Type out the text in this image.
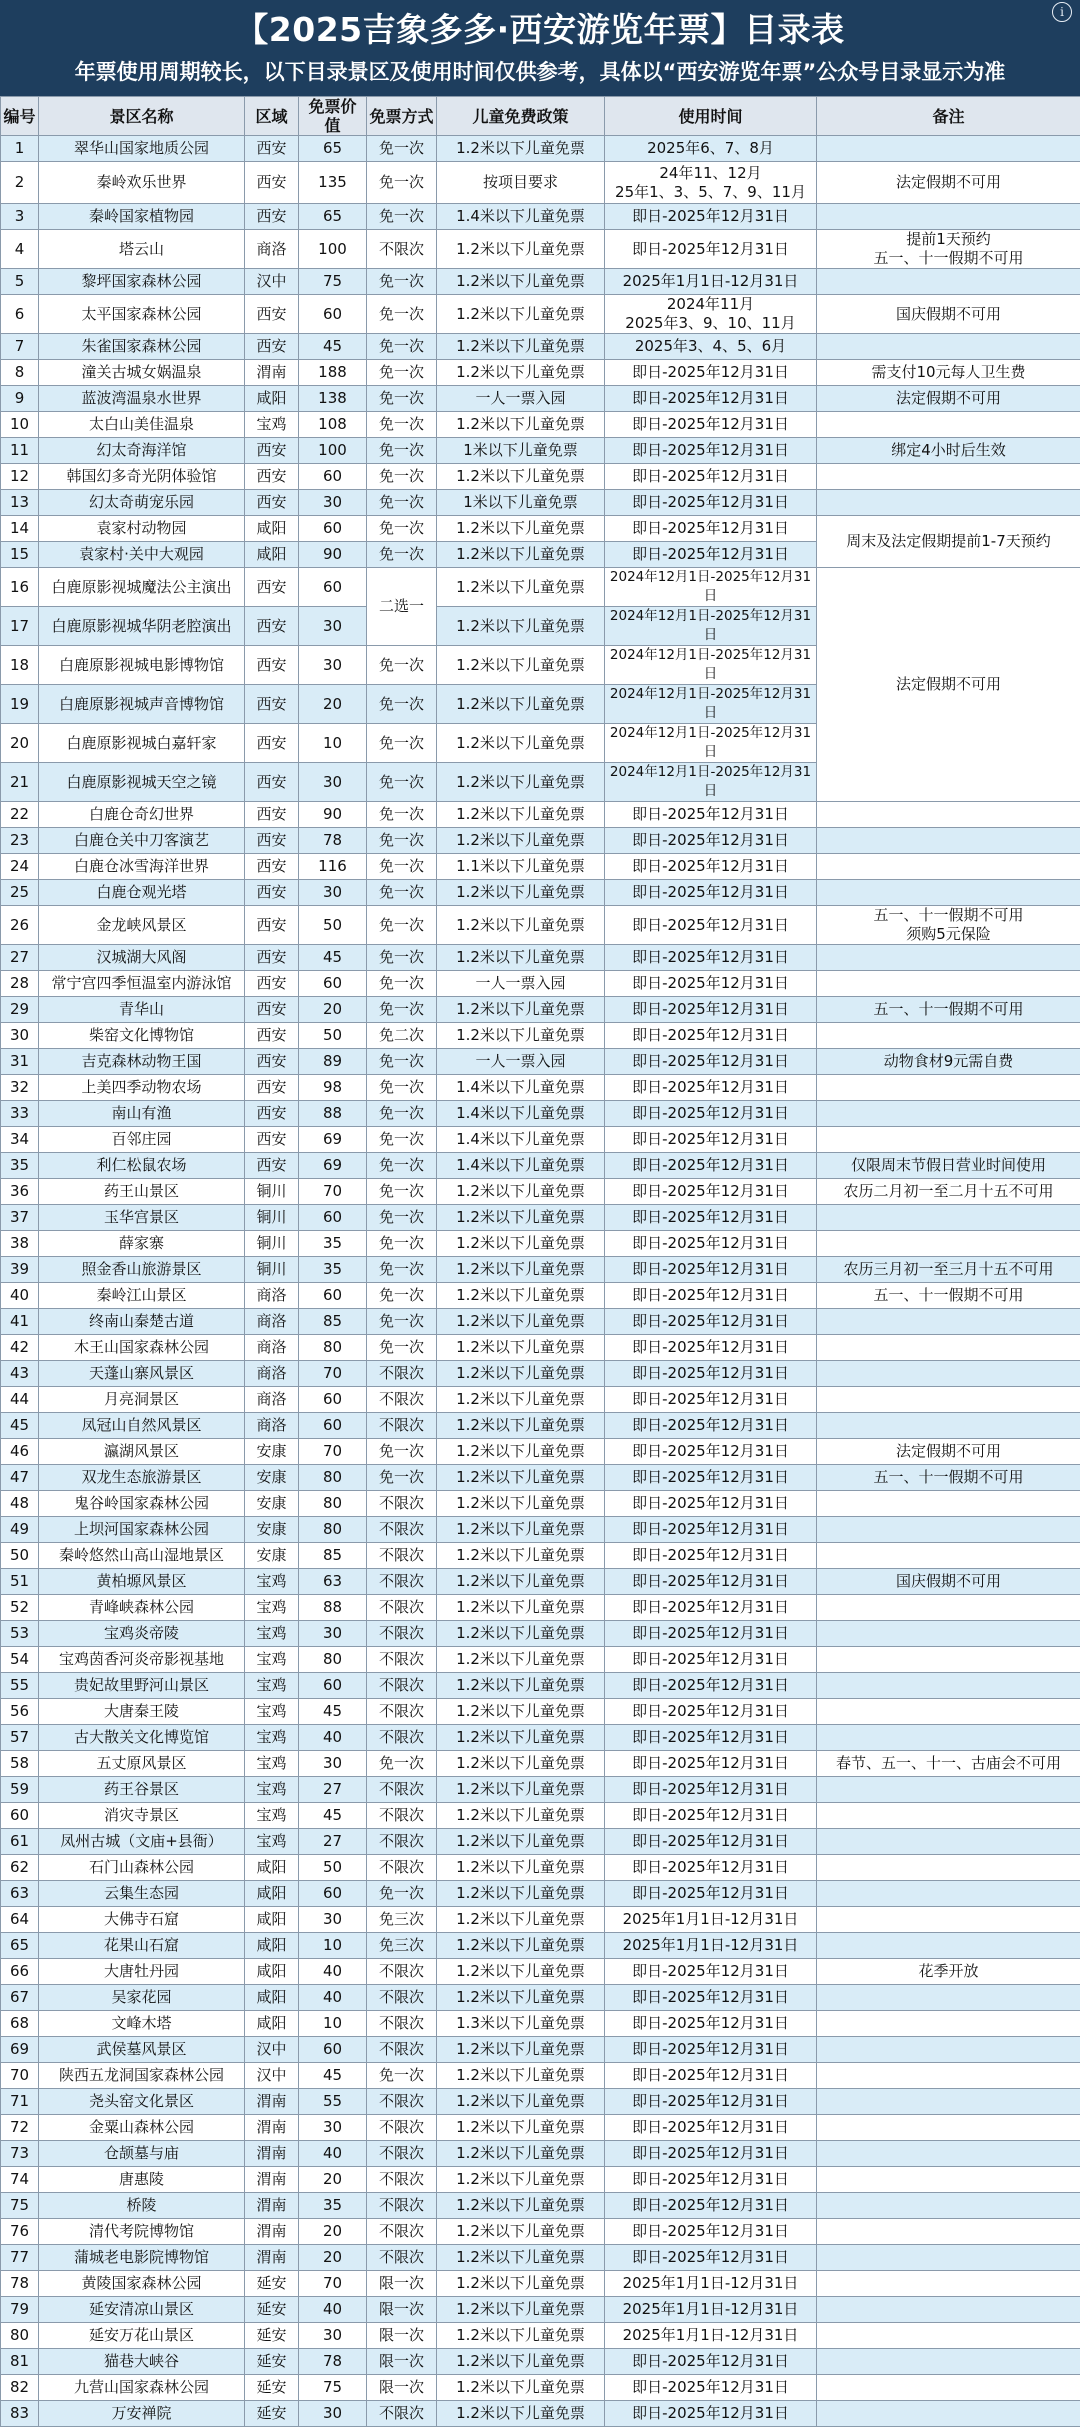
【2025吉象多多·西安游览年票】目录表
年票使用周期较长，以下目录景区及使用时间仅供参考，具体以“西安游览年票”公众号目录显示为准
i
编号	景区名称	区域	免票价值	免票方式	儿童免费政策	使用时间	备注
1	翠华山国家地质公园	西安	65	免一次	1.2米以下儿童免票	2025年6、7、8月	
2	秦岭欢乐世界	西安	135	免一次	按项目要求	24年11、12月
25年1、3、5、7、9、11月	法定假期不可用
3	秦岭国家植物园	西安	65	免一次	1.4米以下儿童免票	即日-2025年12月31日	
4	塔云山	商洛	100	不限次	1.2米以下儿童免票	即日-2025年12月31日	提前1天预约
五一、十一假期不可用
5	黎坪国家森林公园	汉中	75	免一次	1.2米以下儿童免票	2025年1月1日-12月31日	
6	太平国家森林公园	西安	60	免一次	1.2米以下儿童免票	2024年11月
2025年3、9、10、11月	国庆假期不可用
7	朱雀国家森林公园	西安	45	免一次	1.2米以下儿童免票	2025年3、4、5、6月	
8	潼关古城女娲温泉	渭南	188	免一次	1.2米以下儿童免票	即日-2025年12月31日	需支付10元每人卫生费
9	蓝波湾温泉水世界	咸阳	138	免一次	一人一票入园	即日-2025年12月31日	法定假期不可用
10	太白山美佳温泉	宝鸡	108	免一次	1.2米以下儿童免票	即日-2025年12月31日	
11	幻太奇海洋馆	西安	100	免一次	1米以下儿童免票	即日-2025年12月31日	绑定4小时后生效
12	韩国幻多奇光阴体验馆	西安	60	免一次	1.2米以下儿童免票	即日-2025年12月31日	
13	幻太奇萌宠乐园	西安	30	免一次	1米以下儿童免票	即日-2025年12月31日	
14	袁家村动物园	咸阳	60	免一次	1.2米以下儿童免票	即日-2025年12月31日	周末及法定假期提前1-7天预约
15	袁家村·关中大观园	咸阳	90	免一次	1.2米以下儿童免票	即日-2025年12月31日	
16	白鹿原影视城魔法公主演出	西安	60	二选一	1.2米以下儿童免票	2024年12月1日-2025年12月31日	法定假期不可用
17	白鹿原影视城华阴老腔演出	西安	30		1.2米以下儿童免票	2024年12月1日-2025年12月31日	
18	白鹿原影视城电影博物馆	西安	30	免一次	1.2米以下儿童免票	2024年12月1日-2025年12月31日	
19	白鹿原影视城声音博物馆	西安	20	免一次	1.2米以下儿童免票	2024年12月1日-2025年12月31日	
20	白鹿原影视城白嘉轩家	西安	10	免一次	1.2米以下儿童免票	2024年12月1日-2025年12月31日	
21	白鹿原影视城天空之镜	西安	30	免一次	1.2米以下儿童免票	2024年12月1日-2025年12月31日	
22	白鹿仓奇幻世界	西安	90	免一次	1.2米以下儿童免票	即日-2025年12月31日	
23	白鹿仓关中刀客演艺	西安	78	免一次	1.2米以下儿童免票	即日-2025年12月31日	
24	白鹿仓冰雪海洋世界	西安	116	免一次	1.1米以下儿童免票	即日-2025年12月31日	
25	白鹿仓观光塔	西安	30	免一次	1.2米以下儿童免票	即日-2025年12月31日	
26	金龙峡风景区	西安	50	免一次	1.2米以下儿童免票	即日-2025年12月31日	五一、十一假期不可用
须购5元保险
27	汉城湖大风阁	西安	45	免一次	1.2米以下儿童免票	即日-2025年12月31日	
28	常宁宫四季恒温室内游泳馆	西安	60	免一次	一人一票入园	即日-2025年12月31日	
29	青华山	西安	20	免一次	1.2米以下儿童免票	即日-2025年12月31日	五一、十一假期不可用
30	柴窑文化博物馆	西安	50	免二次	1.2米以下儿童免票	即日-2025年12月31日	
31	吉克森林动物王国	西安	89	免一次	一人一票入园	即日-2025年12月31日	动物食材9元需自费
32	上美四季动物农场	西安	98	免一次	1.4米以下儿童免票	即日-2025年12月31日	
33	南山有渔	西安	88	免一次	1.4米以下儿童免票	即日-2025年12月31日	
34	百邻庄园	西安	69	免一次	1.4米以下儿童免票	即日-2025年12月31日	
35	利仁松鼠农场	西安	69	免一次	1.4米以下儿童免票	即日-2025年12月31日	仅限周末节假日营业时间使用
36	药王山景区	铜川	70	免一次	1.2米以下儿童免票	即日-2025年12月31日	农历二月初一至二月十五不可用
37	玉华宫景区	铜川	60	免一次	1.2米以下儿童免票	即日-2025年12月31日	
38	薛家寨	铜川	35	免一次	1.2米以下儿童免票	即日-2025年12月31日	
39	照金香山旅游景区	铜川	35	免一次	1.2米以下儿童免票	即日-2025年12月31日	农历三月初一至三月十五不可用
40	秦岭江山景区	商洛	60	免一次	1.2米以下儿童免票	即日-2025年12月31日	五一、十一假期不可用
41	终南山秦楚古道	商洛	85	免一次	1.2米以下儿童免票	即日-2025年12月31日	
42	木王山国家森林公园	商洛	80	免一次	1.2米以下儿童免票	即日-2025年12月31日	
43	天蓬山寨风景区	商洛	70	不限次	1.2米以下儿童免票	即日-2025年12月31日	
44	月亮洞景区	商洛	60	不限次	1.2米以下儿童免票	即日-2025年12月31日	
45	凤冠山自然风景区	商洛	60	不限次	1.2米以下儿童免票	即日-2025年12月31日	
46	瀛湖风景区	安康	70	免一次	1.2米以下儿童免票	即日-2025年12月31日	法定假期不可用
47	双龙生态旅游景区	安康	80	免一次	1.2米以下儿童免票	即日-2025年12月31日	五一、十一假期不可用
48	鬼谷岭国家森林公园	安康	80	不限次	1.2米以下儿童免票	即日-2025年12月31日	
49	上坝河国家森林公园	安康	80	不限次	1.2米以下儿童免票	即日-2025年12月31日	
50	秦岭悠然山高山湿地景区	安康	85	不限次	1.2米以下儿童免票	即日-2025年12月31日	
51	黄柏塬风景区	宝鸡	63	不限次	1.2米以下儿童免票	即日-2025年12月31日	国庆假期不可用
52	青峰峡森林公园	宝鸡	88	不限次	1.2米以下儿童免票	即日-2025年12月31日	
53	宝鸡炎帝陵	宝鸡	30	不限次	1.2米以下儿童免票	即日-2025年12月31日	
54	宝鸡茵香河炎帝影视基地	宝鸡	80	不限次	1.2米以下儿童免票	即日-2025年12月31日	
55	贵妃故里野河山景区	宝鸡	60	不限次	1.2米以下儿童免票	即日-2025年12月31日	
56	大唐秦王陵	宝鸡	45	不限次	1.2米以下儿童免票	即日-2025年12月31日	
57	古大散关文化博览馆	宝鸡	40	不限次	1.2米以下儿童免票	即日-2025年12月31日	
58	五丈原风景区	宝鸡	30	免一次	1.2米以下儿童免票	即日-2025年12月31日	春节、五一、十一、古庙会不可用
59	药王谷景区	宝鸡	27	不限次	1.2米以下儿童免票	即日-2025年12月31日	
60	消灾寺景区	宝鸡	45	不限次	1.2米以下儿童免票	即日-2025年12月31日	
61	凤州古城（文庙+县衙）	宝鸡	27	不限次	1.2米以下儿童免票	即日-2025年12月31日	
62	石门山森林公园	咸阳	50	不限次	1.2米以下儿童免票	即日-2025年12月31日	
63	云集生态园	咸阳	60	免一次	1.2米以下儿童免票	即日-2025年12月31日	
64	大佛寺石窟	咸阳	30	免三次	1.2米以下儿童免票	2025年1月1日-12月31日	
65	花果山石窟	咸阳	10	免三次	1.2米以下儿童免票	2025年1月1日-12月31日	
66	大唐牡丹园	咸阳	40	不限次	1.2米以下儿童免票	即日-2025年12月31日	花季开放
67	吴家花园	咸阳	40	不限次	1.2米以下儿童免票	即日-2025年12月31日	
68	文峰木塔	咸阳	10	不限次	1.3米以下儿童免票	即日-2025年12月31日	
69	武侯墓风景区	汉中	60	不限次	1.2米以下儿童免票	即日-2025年12月31日	
70	陕西五龙洞国家森林公园	汉中	45	免一次	1.2米以下儿童免票	即日-2025年12月31日	
71	尧头窑文化景区	渭南	55	不限次	1.2米以下儿童免票	即日-2025年12月31日	
72	金粟山森林公园	渭南	30	不限次	1.2米以下儿童免票	即日-2025年12月31日	
73	仓颉墓与庙	渭南	40	不限次	1.2米以下儿童免票	即日-2025年12月31日	
74	唐惠陵	渭南	20	不限次	1.2米以下儿童免票	即日-2025年12月31日	
75	桥陵	渭南	35	不限次	1.2米以下儿童免票	即日-2025年12月31日	
76	清代考院博物馆	渭南	20	不限次	1.2米以下儿童免票	即日-2025年12月31日	
77	蒲城老电影院博物馆	渭南	20	不限次	1.2米以下儿童免票	即日-2025年12月31日	
78	黄陵国家森林公园	延安	70	限一次	1.2米以下儿童免票	2025年1月1日-12月31日	
79	延安清凉山景区	延安	40	限一次	1.2米以下儿童免票	2025年1月1日-12月31日	
80	延安万花山景区	延安	30	限一次	1.2米以下儿童免票	2025年1月1日-12月31日	
81	猫巷大峡谷	延安	78	限一次	1.2米以下儿童免票	即日-2025年12月31日	
82	九营山国家森林公园	延安	75	限一次	1.2米以下儿童免票	即日-2025年12月31日	
83	万安禅院	延安	30	不限次	1.2米以下儿童免票	即日-2025年12月31日	
